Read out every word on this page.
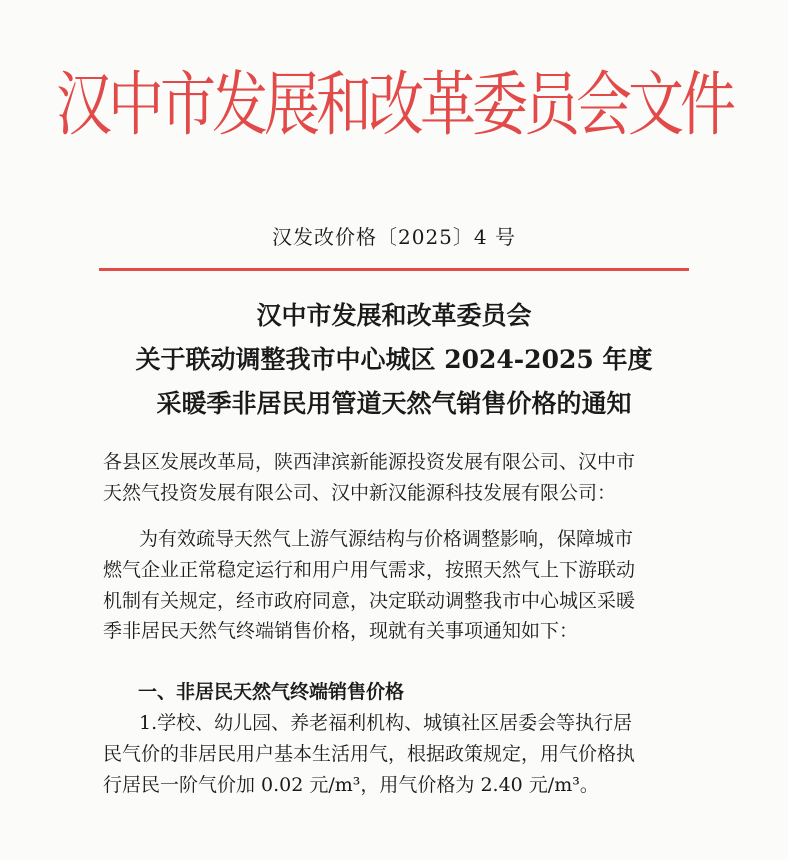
汉中市发展和改革委员会文件
汉发改价格〔2025〕4 号
汉中市发展和改革委员会
关于联动调整我市中心城区 2024-2025 年度
采暖季非居民用管道天然气销售价格的通知
各县区发展改革局，陕西津滨新能源投资发展有限公司、汉中市
天然气投资发展有限公司、汉中新汉能源科技发展有限公司：
为有效疏导天然气上游气源结构与价格调整影响，保障城市
燃气企业正常稳定运行和用户用气需求，按照天然气上下游联动
机制有关规定，经市政府同意，决定联动调整我市中心城区采暖
季非居民天然气终端销售价格，现就有关事项通知如下：
一、非居民天然气终端销售价格
1.学校、幼儿园、养老福利机构、城镇社区居委会等执行居
民气价的非居民用户基本生活用气，根据政策规定，用气价格执
行居民一阶气价加 0.02 元/m³，用气价格为 2.40 元/m³。
